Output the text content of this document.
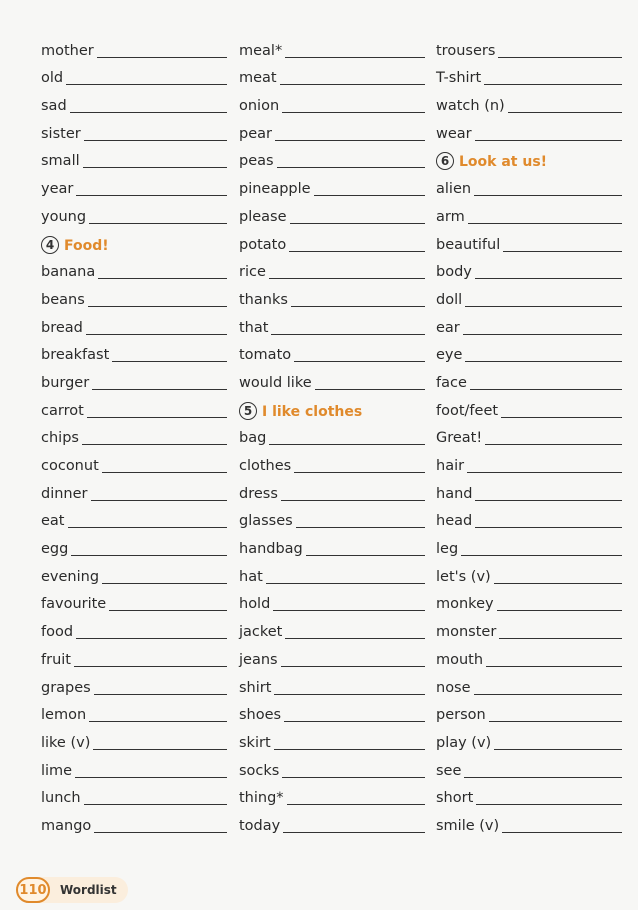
mother
old
sad
sister
small
year
young
4 Food!
banana
beans
bread
breakfast
burger
carrot
chips
coconut
dinner
eat
egg
evening
favourite
food
fruit
grapes
lemon
like (v)
lime
lunch
mango
meal*
meat
onion
pear
peas
pineapple
please
potato
rice
thanks
that
tomato
would like
5 I like clothes
bag
clothes
dress
glasses
handbag
hat
hold
jacket
jeans
shirt
shoes
skirt
socks
thing*
today
trousers
T-shirt
watch (n)
wear
6 Look at us!
alien
arm
beautiful
body
doll
ear
eye
face
foot/feet
Great!
hair
hand
head
leg
let's (v)
monkey
monster
mouth
nose
person
play (v)
see
short
smile (v)
110 Wordlist
